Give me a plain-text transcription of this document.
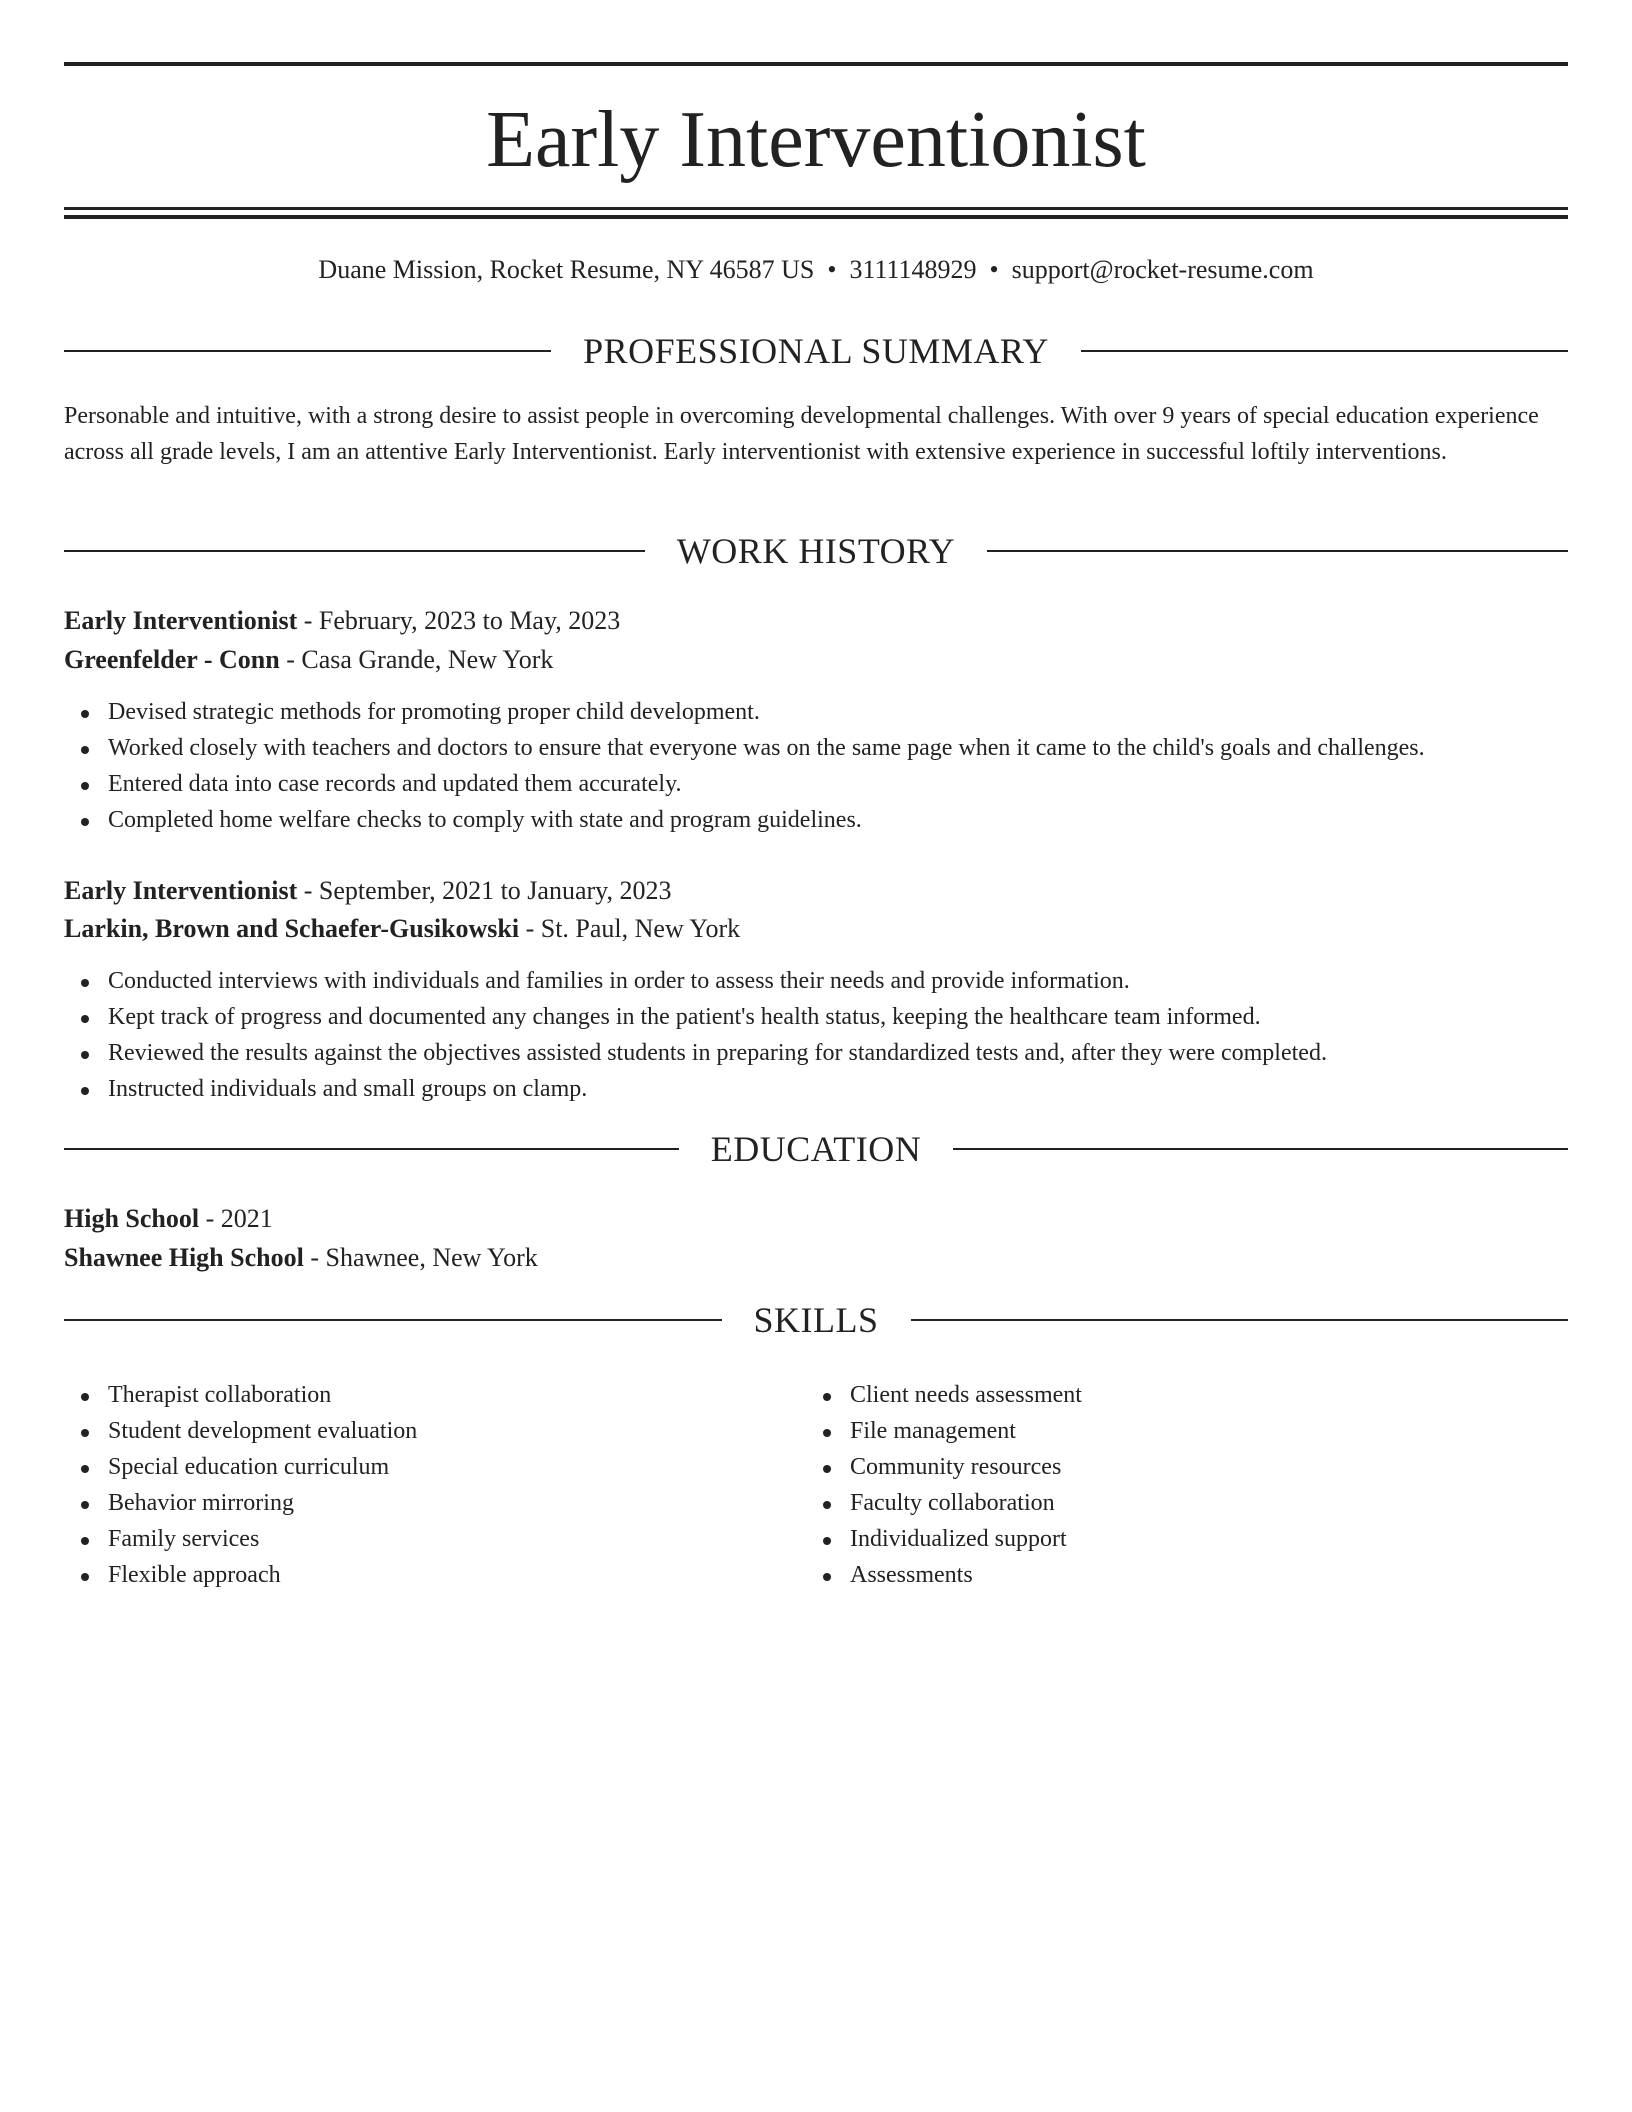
Early Interventionist
Duane Mission, Rocket Resume, NY 46587 US • 3111148929 • support@rocket-resume.com
PROFESSIONAL SUMMARY

Personable and intuitive, with a strong desire to assist people in overcoming developmental challenges. With over 9 years of special education experience across all grade levels, I am an attentive Early Interventionist. Early interventionist with extensive experience in successful loftily interventions.

WORK HISTORY
Early Interventionist - February, 2023 to May, 2023
Greenfelder - Conn - Casa Grande, New York
Devised strategic methods for promoting proper child development.
Worked closely with teachers and doctors to ensure that everyone was on the same page when it came to the child's goals and challenges.
Entered data into case records and updated them accurately.
Completed home welfare checks to comply with state and program guidelines.
Early Interventionist - September, 2021 to January, 2023
Larkin, Brown and Schaefer-Gusikowski - St. Paul, New York
Conducted interviews with individuals and families in order to assess their needs and provide information.
Kept track of progress and documented any changes in the patient's health status, keeping the healthcare team informed.
Reviewed the results against the objectives assisted students in preparing for standardized tests and, after they were completed.
Instructed individuals and small groups on clamp.
EDUCATION
High School - 2021
Shawnee High School - Shawnee, New York
SKILLS
Therapist collaboration
Student development evaluation
Special education curriculum
Behavior mirroring
Family services
Flexible approach
Client needs assessment
File management
Community resources
Faculty collaboration
Individualized support
Assessments
